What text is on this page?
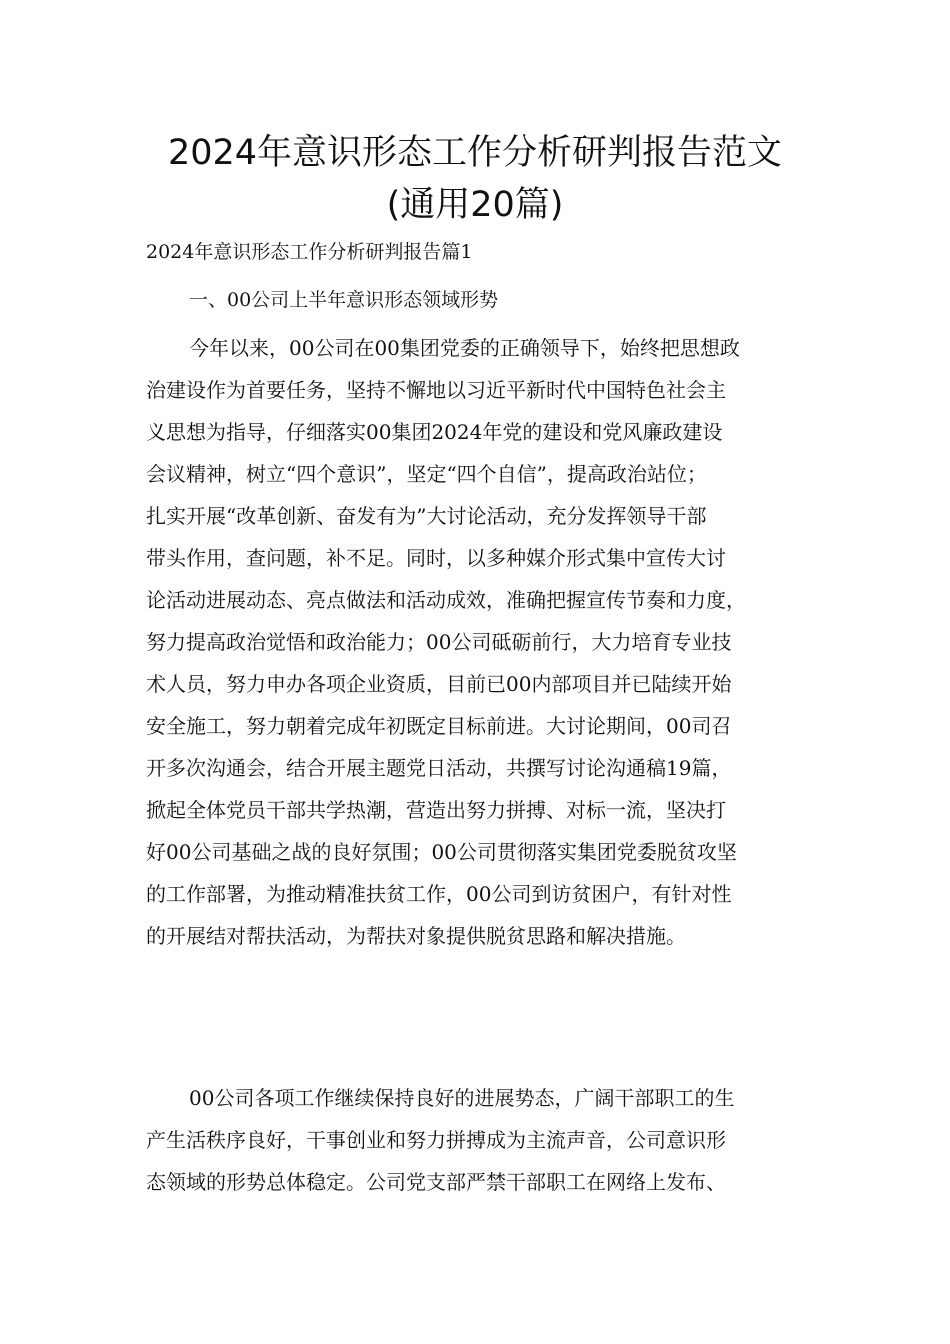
2024年意识形态工作分析研判报告范文
(通用20篇)
2024年意识形态工作分析研判报告篇1
一、00公司上半年意识形态领域形势
今年以来，00公司在00集团党委的正确领导下，始终把思想政
治建设作为首要任务，坚持不懈地以习近平新时代中国特色社会主
义思想为指导，仔细落实00集团2024年党的建设和党风廉政建设
会议精神，树立“四个意识”，坚定“四个自信”，提高政治站位；
扎实开展“改革创新、奋发有为”大讨论活动，充分发挥领导干部
带头作用，查问题，补不足。同时，以多种媒介形式集中宣传大讨
论活动进展动态、亮点做法和活动成效，准确把握宣传节奏和力度，
努力提高政治觉悟和政治能力；00公司砥砺前行，大力培育专业技
术人员，努力申办各项企业资质，目前已00内部项目并已陆续开始
安全施工，努力朝着完成年初既定目标前进。大讨论期间，00司召
开多次沟通会，结合开展主题党日活动，共撰写讨论沟通稿19篇，
掀起全体党员干部共学热潮，营造出努力拼搏、对标一流，坚决打
好00公司基础之战的良好氛围；00公司贯彻落实集团党委脱贫攻坚
的工作部署，为推动精准扶贫工作，00公司到访贫困户，有针对性
的开展结对帮扶活动，为帮扶对象提供脱贫思路和解决措施。
00公司各项工作继续保持良好的进展势态，广阔干部职工的生
产生活秩序良好，干事创业和努力拼搏成为主流声音，公司意识形
态领域的形势总体稳定。公司党支部严禁干部职工在网络上发布、
